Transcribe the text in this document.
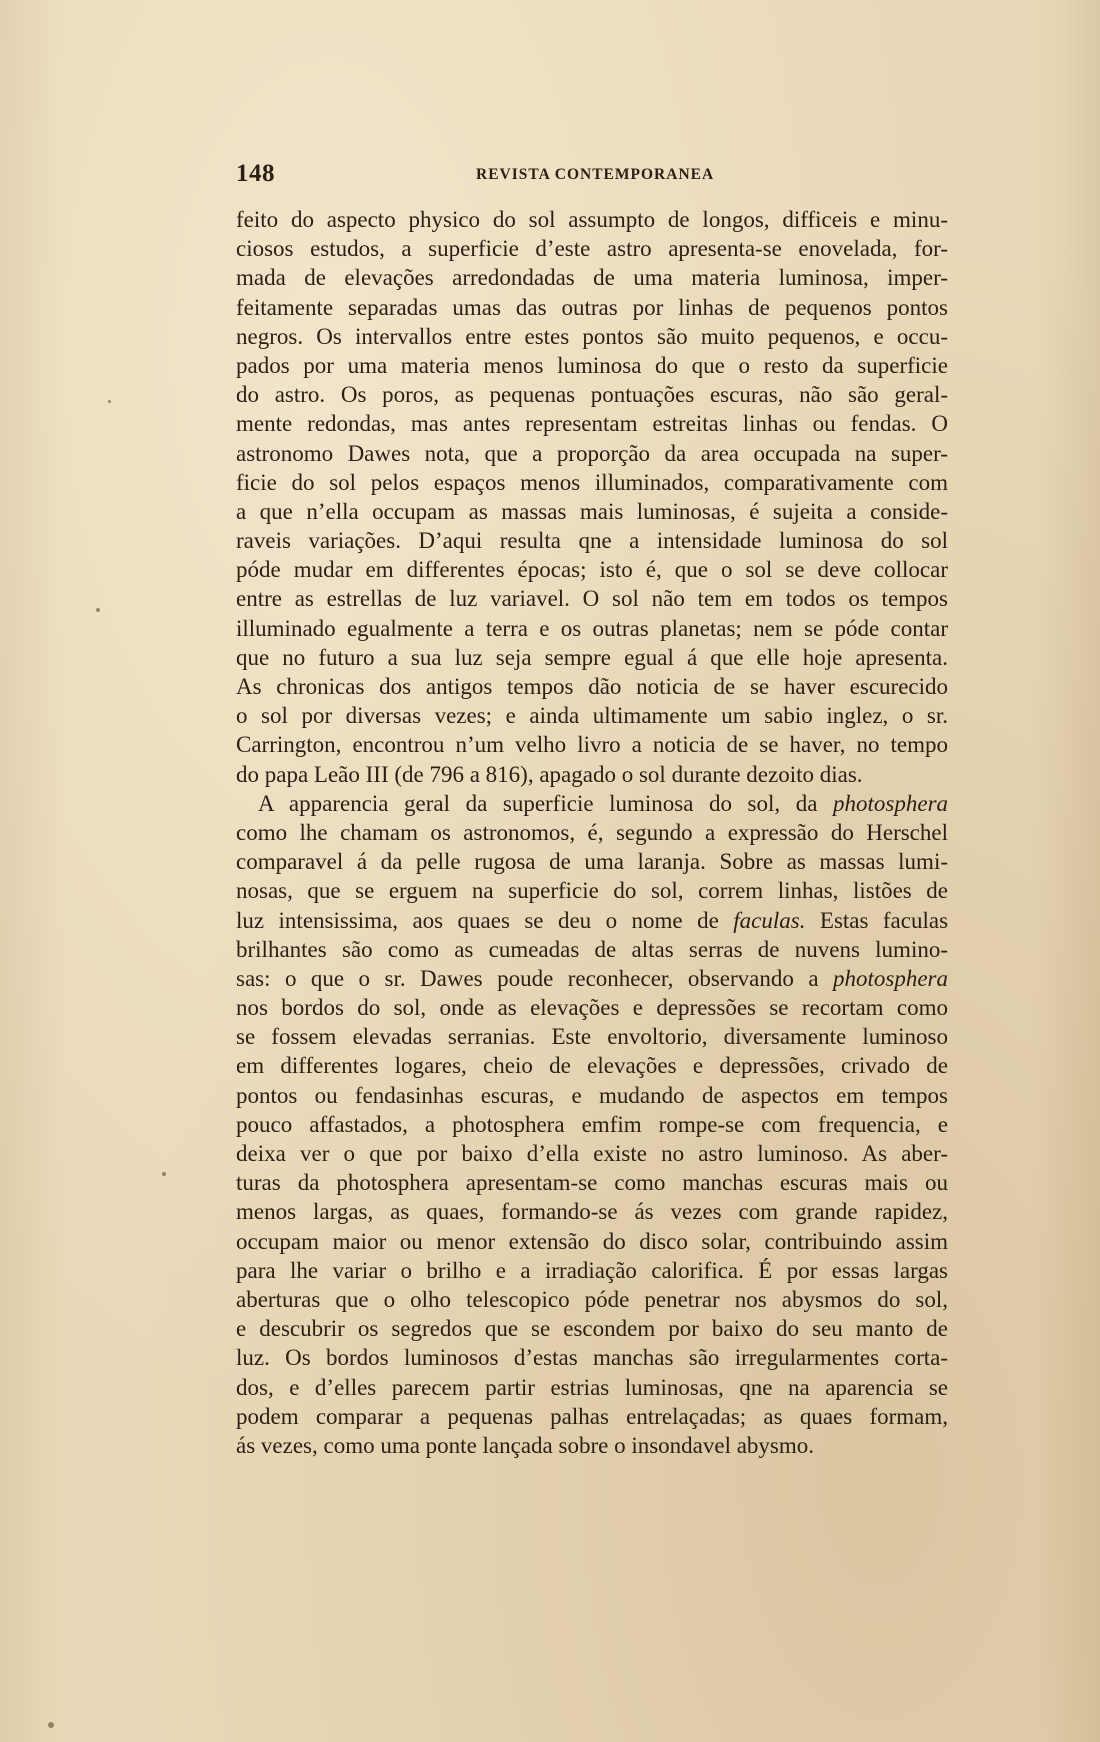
148	REVISTA CONTEMPORANEA
feito do aspecto physico do sol assumpto de longos, difficeis e minu-
ciosos estudos, a superficie d’este astro apresenta-se enovelada, for-
mada de elevações arredondadas de uma materia luminosa, imper-
feitamente separadas umas das outras por linhas de pequenos pontos
negros. Os intervallos entre estes pontos são muito pequenos, e occu-
pados por uma materia menos luminosa do que o resto da superficie
do astro. Os poros, as pequenas pontuações escuras, não são geral-
mente redondas, mas antes representam estreitas linhas ou fendas. O
astronomo Dawes nota, que a proporção da area occupada na super-
ficie do sol pelos espaços menos illuminados, comparativamente com
a que n’ella occupam as massas mais luminosas, é sujeita a conside-
raveis variações. D’aqui resulta qne a intensidade luminosa do sol
póde mudar em differentes épocas; isto é, que o sol se deve collocar
entre as estrellas de luz variavel. O sol não tem em todos os tempos
illuminado egualmente a terra e os outras planetas; nem se póde contar
que no futuro a sua luz seja sempre egual á que elle hoje apresenta.
As chronicas dos antigos tempos dão noticia de se haver escurecido
o sol por diversas vezes; e ainda ultimamente um sabio inglez, o sr.
Carrington, encontrou n’um velho livro a noticia de se haver, no tempo
do papa Leão III (de 796 a 816), apagado o sol durante dezoito dias.
A apparencia geral da superficie luminosa do sol, da photosphera
como lhe chamam os astronomos, é, segundo a expressão do Herschel
comparavel á da pelle rugosa de uma laranja. Sobre as massas lumi-
nosas, que se erguem na superficie do sol, correm linhas, listões de
luz intensissima, aos quaes se deu o nome de faculas. Estas faculas
brilhantes são como as cumeadas de altas serras de nuvens lumino-
sas: o que o sr. Dawes poude reconhecer, observando a photosphera
nos bordos do sol, onde as elevações e depressões se recortam como
se fossem elevadas serranias. Este envoltorio, diversamente luminoso
em differentes logares, cheio de elevações e depressões, crivado de
pontos ou fendasinhas escuras, e mudando de aspectos em tempos
pouco affastados, a photosphera emfim rompe-se com frequencia, e
deixa ver o que por baixo d’ella existe no astro luminoso. As aber-
turas da photosphera apresentam-se como manchas escuras mais ou
menos largas, as quaes, formando-se ás vezes com grande rapidez,
occupam maior ou menor extensão do disco solar, contribuindo assim
para lhe variar o brilho e a irradiação calorifica. É por essas largas
aberturas que o olho telescopico póde penetrar nos abysmos do sol,
e descubrir os segredos que se escondem por baixo do seu manto de
luz. Os bordos luminosos d’estas manchas são irregularmentes corta-
dos, e d’elles parecem partir estrias luminosas, qne na aparencia se
podem comparar a pequenas palhas entrelaçadas; as quaes formam,
ás vezes, como uma ponte lançada sobre o insondavel abysmo.
